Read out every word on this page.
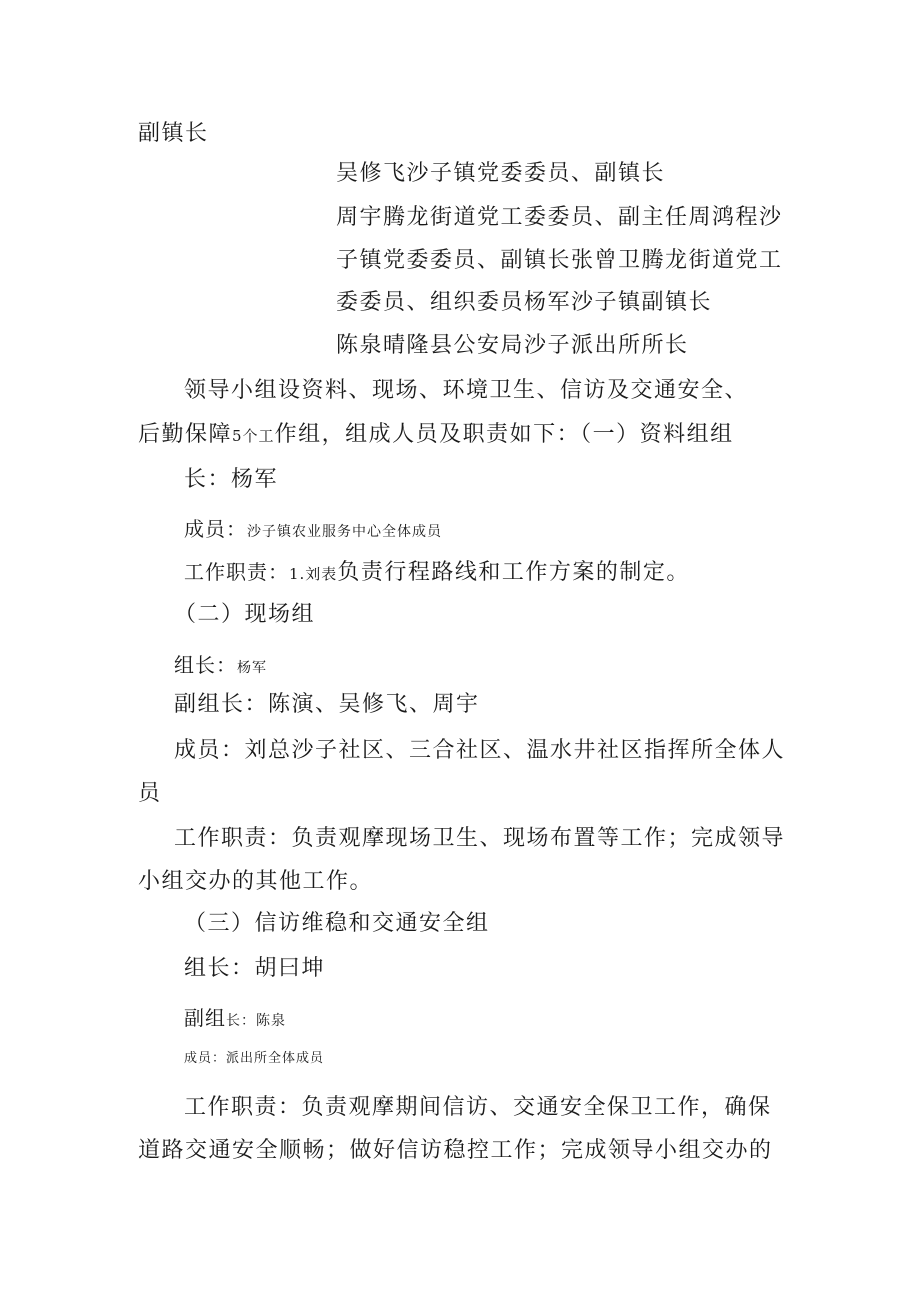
副镇长
吴修飞沙子镇党委委员、副镇长
周宇腾龙街道党工委委员、副主任周鸿程沙
子镇党委委员、副镇长张曾卫腾龙街道党工
委委员、组织委员杨军沙子镇副镇长
陈泉晴隆县公安局沙子派出所所长
领导小组设资料、现场、环境卫生、信访及交通安全、
后勤保障5个工作组，组成人员及职责如下：（一）资料组组
长：杨军
成员：沙子镇农业服务中心全体成员
工作职责：1.刘表负责行程路线和工作方案的制定。
（二）现场组
组长：杨军
副组长：陈演、吴修飞、周宇
成员：刘总沙子社区、三合社区、温水井社区指挥所全体人
员
工作职责：负责观摩现场卫生、现场布置等工作；完成领导
小组交办的其他工作。
（三）信访维稳和交通安全组
组长：胡曰坤
副组长：陈泉
成员：派出所全体成员
工作职责：负责观摩期间信访、交通安全保卫工作，确保
道路交通安全顺畅；做好信访稳控工作；完成领导小组交办的
